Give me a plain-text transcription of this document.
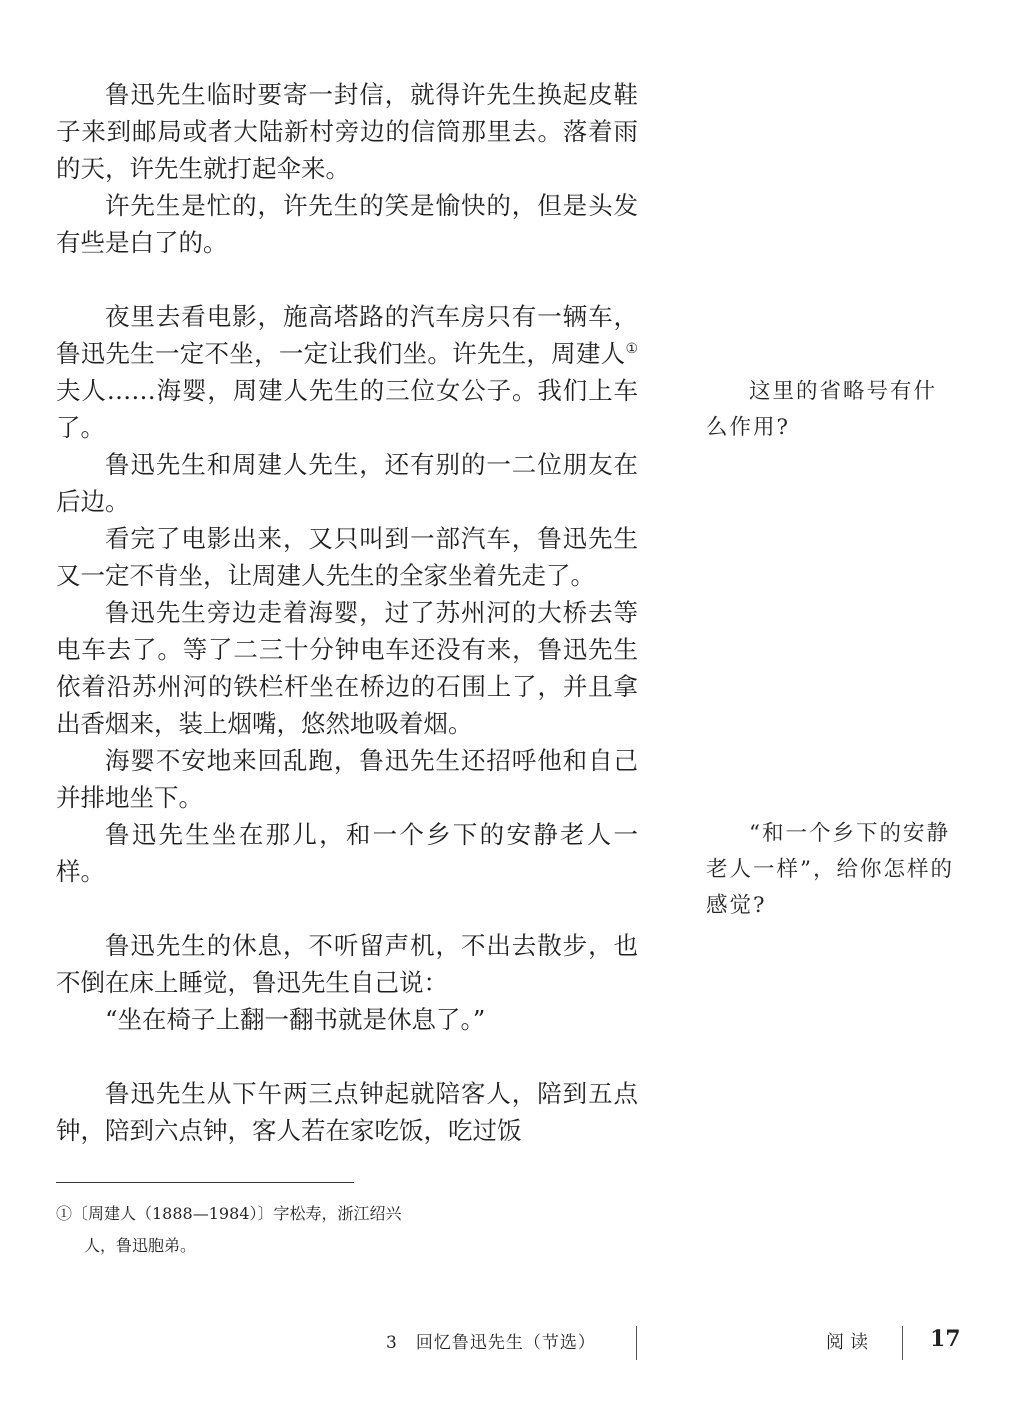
鲁迅先生临时要寄一封信，就得许先生换起皮鞋子来到邮局或者大陆新村旁边的信筒那里去。落着雨的天，许先生就打起伞来。

许先生是忙的，许先生的笑是愉快的，但是头发有些是白了的。

夜里去看电影，施高塔路的汽车房只有一辆车，鲁迅先生一定不坐，一定让我们坐。许先生，周建人①夫人……海婴，周建人先生的三位女公子。我们上车了。

鲁迅先生和周建人先生，还有别的一二位朋友在后边。

看完了电影出来，又只叫到一部汽车，鲁迅先生又一定不肯坐，让周建人先生的全家坐着先走了。

鲁迅先生旁边走着海婴，过了苏州河的大桥去等电车去了。等了二三十分钟电车还没有来，鲁迅先生依着沿苏州河的铁栏杆坐在桥边的石围上了，并且拿出香烟来，装上烟嘴，悠然地吸着烟。

海婴不安地来回乱跑，鲁迅先生还招呼他和自己并排地坐下。

鲁迅先生坐在那儿，和一个乡下的安静老人一样。

鲁迅先生的休息，不听留声机，不出去散步，也不倒在床上睡觉，鲁迅先生自己说：

“坐在椅子上翻一翻书就是休息了。”

鲁迅先生从下午两三点钟起就陪客人，陪到五点钟，陪到六点钟，客人若在家吃饭，吃过饭

这里的省略号有什么作用?

“和一个乡下的安静老人一样”，给你怎样的感觉?

①〔周建人（1888—1984）〕字松寿，浙江绍兴
人，鲁迅胞弟。
3　回忆鲁迅先生（节选）	阅读	17
